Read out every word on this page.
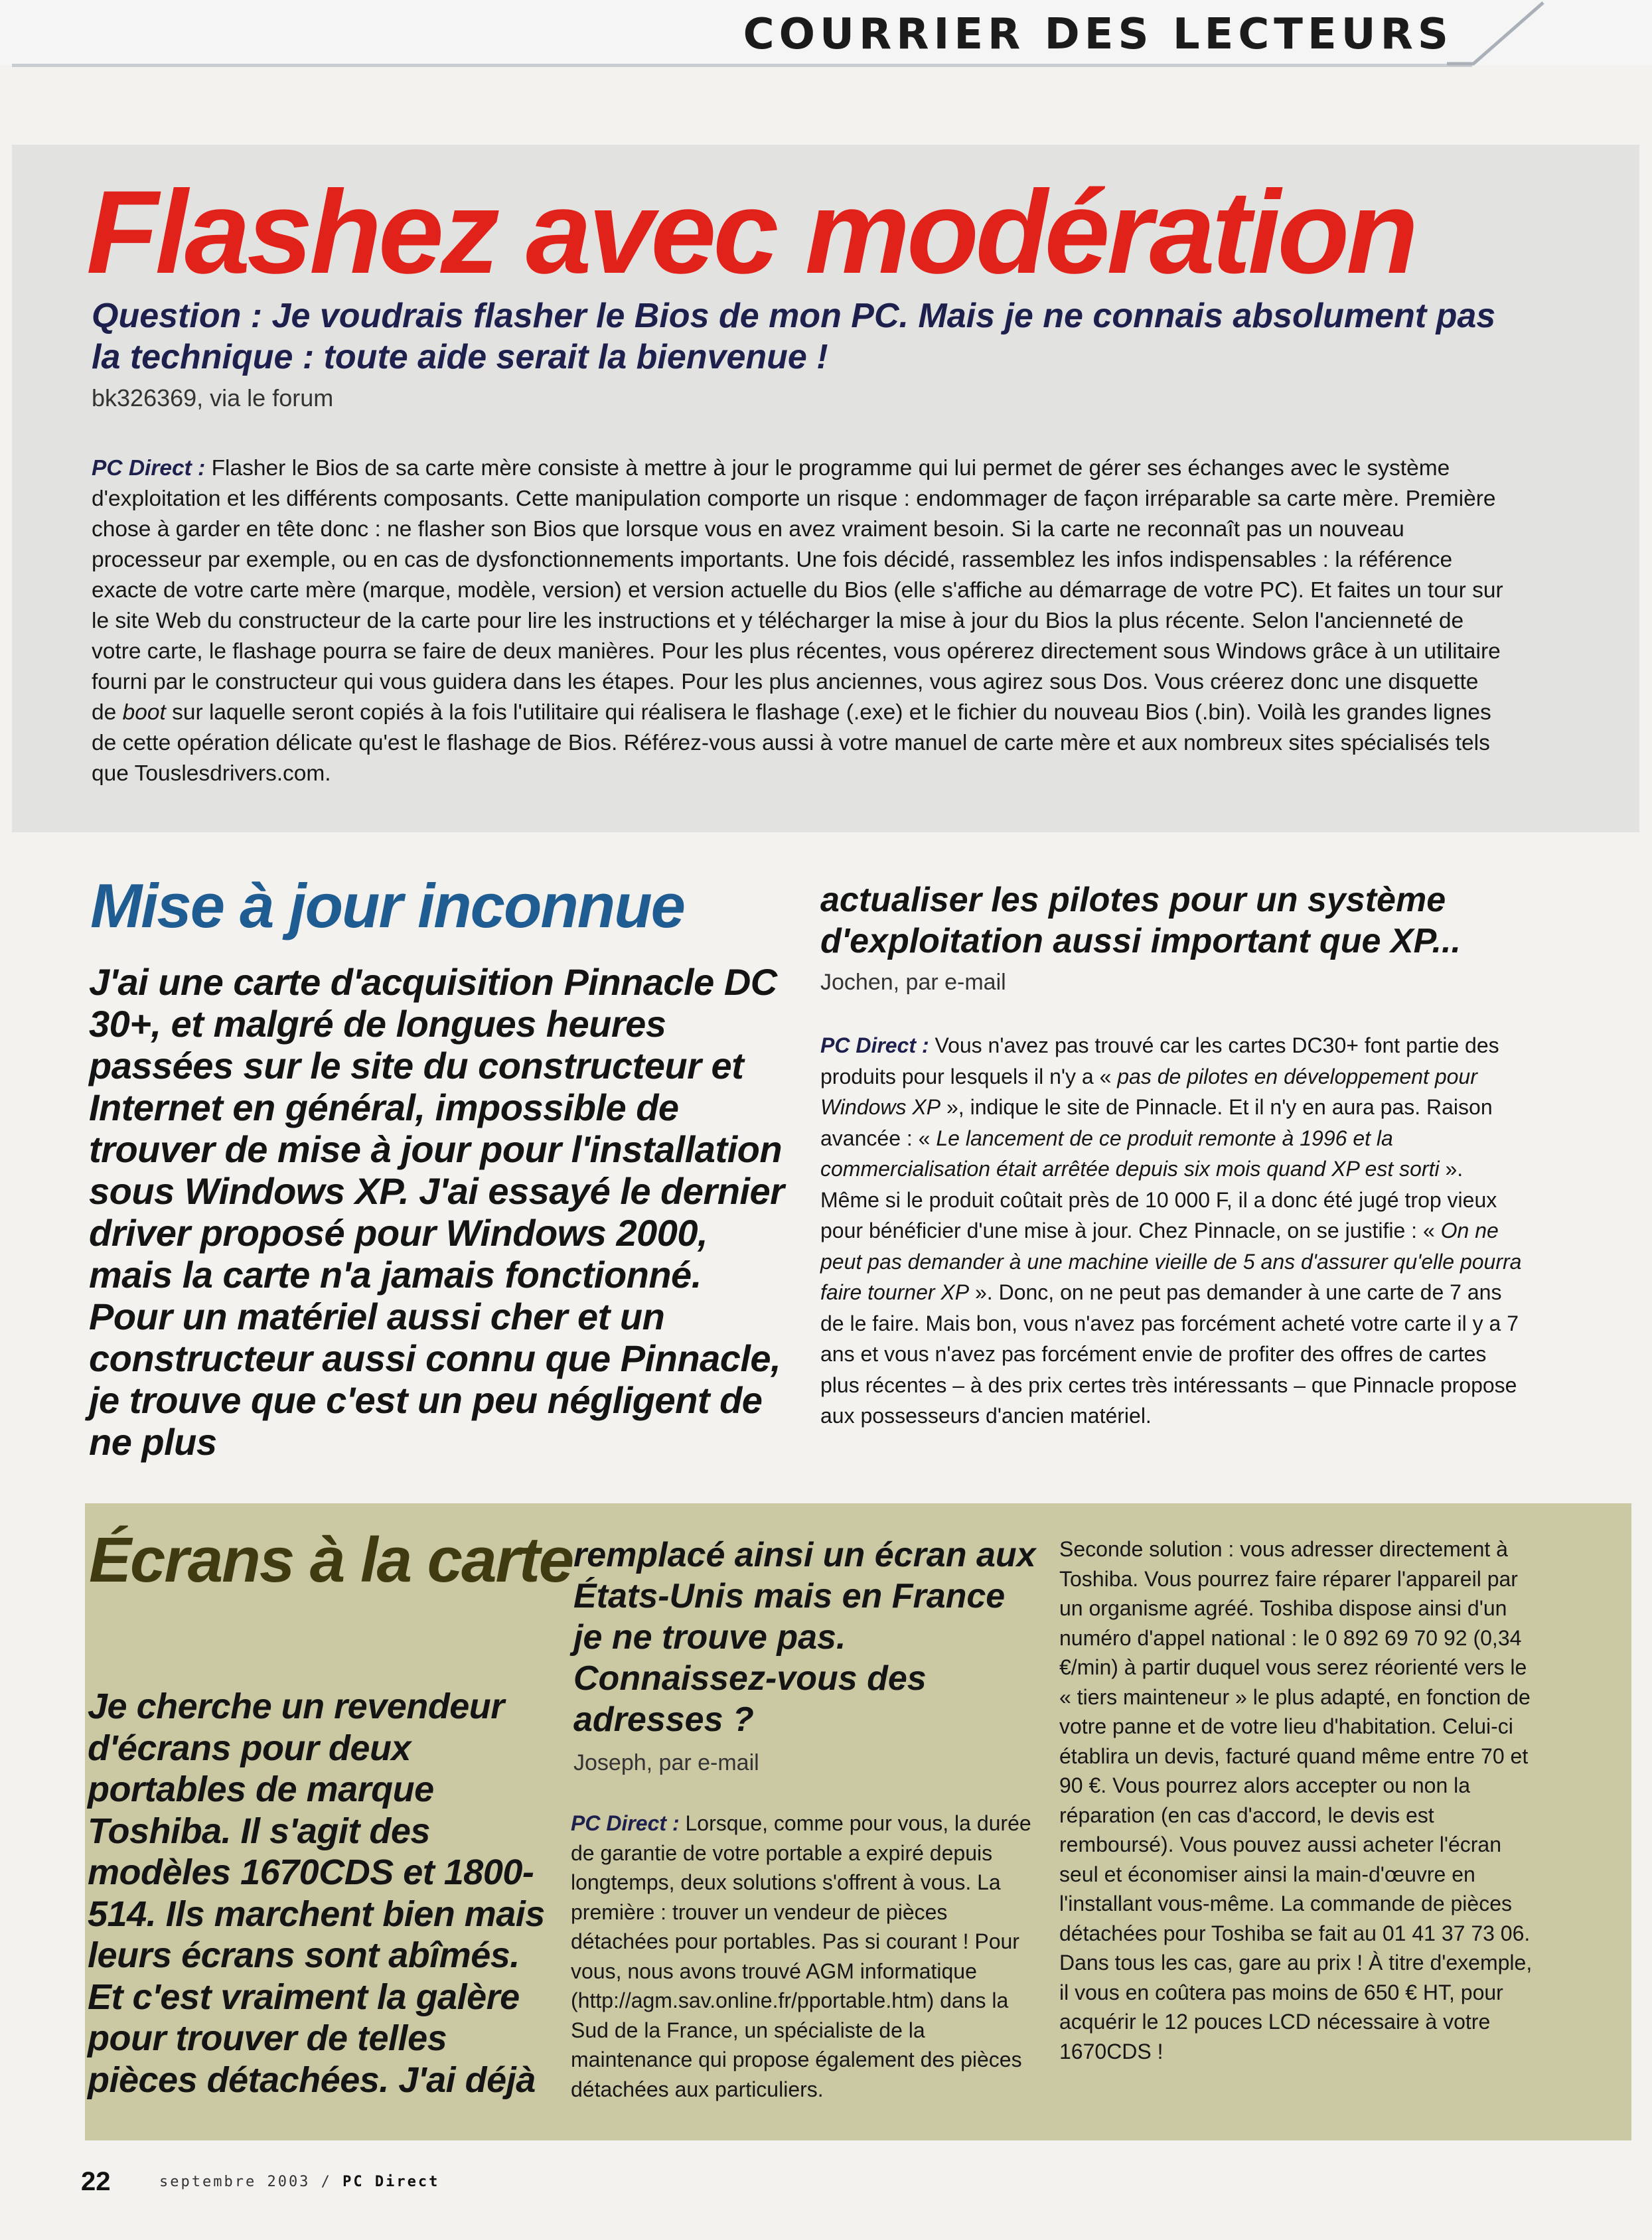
COURRIER DES LECTEURS
Flashez avec modération
Question : Je voudrais flasher le Bios de mon PC. Mais je ne connais absolument pas la technique : toute aide serait la bienvenue !
bk326369, via le forum
PC Direct : Flasher le Bios de sa carte mère consiste à mettre à jour le programme qui lui permet de gérer ses échanges avec le système d'exploitation et les différents composants. Cette manipulation comporte un risque : endommager de façon irréparable sa carte mère. Première chose à garder en tête donc : ne flasher son Bios que lorsque vous en avez vraiment besoin. Si la carte ne reconnaît pas un nouveau processeur par exemple, ou en cas de dysfonctionnements importants. Une fois décidé, rassemblez les infos indispensables : la référence exacte de votre carte mère (marque, modèle, version) et version actuelle du Bios (elle s'affiche au démarrage de votre PC). Et faites un tour sur le site Web du constructeur de la carte pour lire les instructions et y télécharger la mise à jour du Bios la plus récente. Selon l'ancienneté de votre carte, le flashage pourra se faire de deux manières. Pour les plus récentes, vous opérerez directement sous Windows grâce à un utilitaire fourni par le constructeur qui vous guidera dans les étapes. Pour les plus anciennes, vous agirez sous Dos. Vous créerez donc une disquette de boot sur laquelle seront copiés à la fois l'utilitaire qui réalisera le flashage (.exe) et le fichier du nouveau Bios (.bin). Voilà les grandes lignes de cette opération délicate qu'est le flashage de Bios. Référez-vous aussi à votre manuel de carte mère et aux nombreux sites spécialisés tels que Touslesdrivers.com.
Mise à jour inconnue
J'ai une carte d'acquisition Pinnacle DC 30+, et malgré de longues heures passées sur le site du constructeur et Internet en général, impossible de trouver de mise à jour pour l'installation sous Windows XP. J'ai essayé le dernier driver proposé pour Windows 2000, mais la carte n'a jamais fonctionné. Pour un matériel aussi cher et un constructeur aussi connu que Pinnacle, je trouve que c'est un peu négligent de ne plus
actualiser les pilotes pour un système d'exploitation aussi important que XP...
Jochen, par e-mail
PC Direct : Vous n'avez pas trouvé car les cartes DC30+ font partie des produits pour lesquels il n'y a « pas de pilotes en développement pour Windows XP », indique le site de Pinnacle. Et il n'y en aura pas. Raison avancée : « Le lancement de ce produit remonte à 1996 et la commercialisation était arrêtée depuis six mois quand XP est sorti ». Même si le produit coûtait près de 10 000 F, il a donc été jugé trop vieux pour bénéficier d'une mise à jour. Chez Pinnacle, on se justifie : « On ne peut pas demander à une machine vieille de 5 ans d'assurer qu'elle pourra faire tourner XP ». Donc, on ne peut pas demander à une carte de 7 ans de le faire. Mais bon, vous n'avez pas forcément acheté votre carte il y a 7 ans et vous n'avez pas forcément envie de profiter des offres de cartes plus récentes – à des prix certes très intéressants – que Pinnacle propose aux possesseurs d'ancien matériel.
Écrans à la carte
Je cherche un revendeur d'écrans pour deux portables de marque Toshiba. Il s'agit des modèles 1670CDS et 1800-514. Ils marchent bien mais leurs écrans sont abîmés. Et c'est vraiment la galère pour trouver de telles pièces détachées. J'ai déjà
remplacé ainsi un écran aux États-Unis mais en France je ne trouve pas. Connaissez-vous des adresses ?
Joseph, par e-mail
PC Direct : Lorsque, comme pour vous, la durée de garantie de votre portable a expiré depuis longtemps, deux solutions s'offrent à vous. La première : trouver un vendeur de pièces détachées pour portables. Pas si courant ! Pour vous, nous avons trouvé AGM informatique (http://agm.sav.online.fr/pportable.htm) dans la Sud de la France, un spécialiste de la maintenance qui propose également des pièces détachées aux particuliers.
Seconde solution : vous adresser directement à Toshiba. Vous pourrez faire réparer l'appareil par un organisme agréé. Toshiba dispose ainsi d'un numéro d'appel national : le 0 892 69 70 92 (0,34 €/min) à partir duquel vous serez réorienté vers le « tiers mainteneur » le plus adapté, en fonction de votre panne et de votre lieu d'habitation. Celui-ci établira un devis, facturé quand même entre 70 et 90 €. Vous pourrez alors accepter ou non la réparation (en cas d'accord, le devis est remboursé). Vous pouvez aussi acheter l'écran seul et économiser ainsi la main-d'œuvre en l'installant vous-même. La commande de pièces détachées pour Toshiba se fait au 01 41 37 73 06. Dans tous les cas, gare au prix ! À titre d'exemple, il vous en coûtera pas moins de 650 € HT, pour acquérir le 12 pouces LCD nécessaire à votre 1670CDS !
22	septembre 2003 / PC Direct
